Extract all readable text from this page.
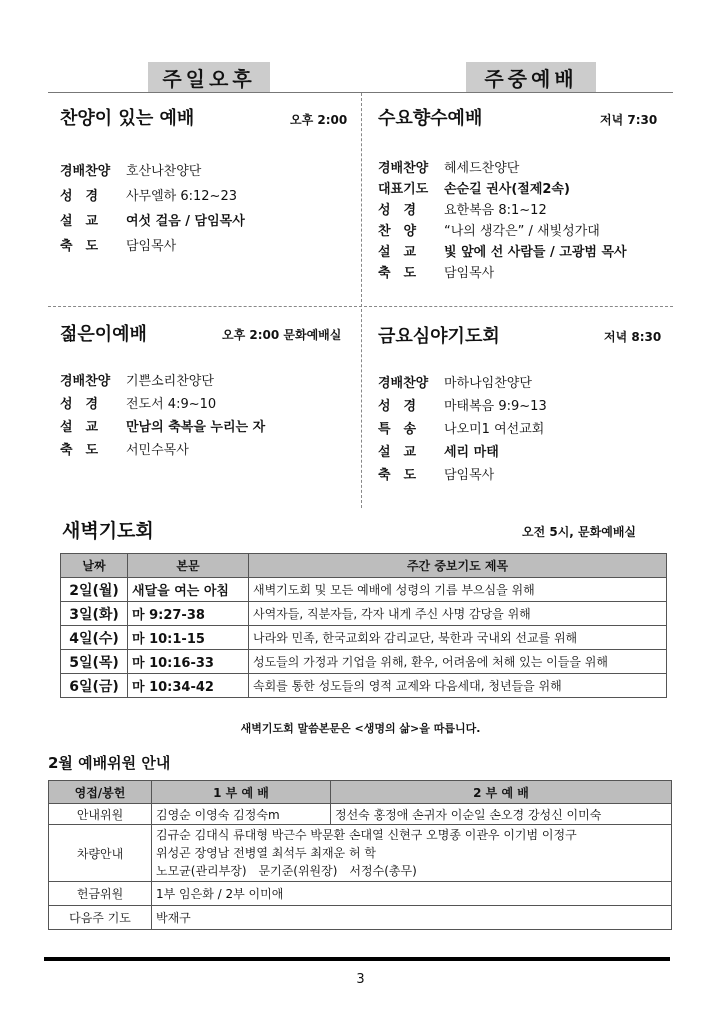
주일오후	주중예배
찬양이 있는 예배	오후 2:00
경배찬양	호산나찬양단
성　경	사무엘하 6:12~23
설　교	여섯 걸음 / 담임목사
축　도	담임목사
젊은이예배	오후 2:00 문화예배실
경배찬양	기쁜소리찬양단
성　경	전도서 4:9~10
설　교	만남의 축복을 누리는 자
축　도	서민수목사
수요향수예배	저녁 7:30
경배찬양	헤세드찬양단
대표기도	손순길 권사(절제2속)
성　경	요한복음 8:1~12
찬　양	“나의 생각은” / 새빛성가대
설　교	빛 앞에 선 사람들 / 고광범 목사
축　도	담임목사
금요심야기도회	저녁 8:30
경배찬양	마하나임찬양단
성　경	마태복음 9:9~13
특　송	나오미1 여선교회
설　교	세리 마태
축　도	담임목사
새벽기도회	오전 5시, 문화예배실
날짜	본문	주간 중보기도 제목
2일(월)	새달을 여는 아침	새벽기도회 및 모든 예배에 성령의 기름 부으심을 위해
3일(화)	마 9:27-38	사역자들, 직분자들, 각자 내게 주신 사명 감당을 위해
4일(수)	마 10:1-15	나라와 민족, 한국교회와 감리교단, 북한과 국내외 선교를 위해
5일(목)	마 10:16-33	성도들의 가정과 기업을 위해, 환우, 어려움에 처해 있는 이들을 위해
6일(금)	마 10:34-42	속회를 통한 성도들의 영적 교제와 다음세대, 청년들을 위해
새벽기도회 말씀본문은 <생명의 삶>을 따릅니다.
2월 예배위원 안내
영접/봉헌	1 부 예 배	2 부 예 배
안내위원	김영순 이영숙 김정숙m	정선숙 홍정애 손귀자 이순일 손오경 강성신 이미숙
차량안내	김규순 김대식 류대형 박근수 박문환 손대열 신현구 오명종 이관우 이기범 이정구
위성곤 장영남 전병열 최석두 최재운 허 학
노모균(관리부장)　문기준(위원장)　서정수(총무)	

헌금위원	1부 임은화 / 2부 이미애	
다음주 기도	박재구	
3
